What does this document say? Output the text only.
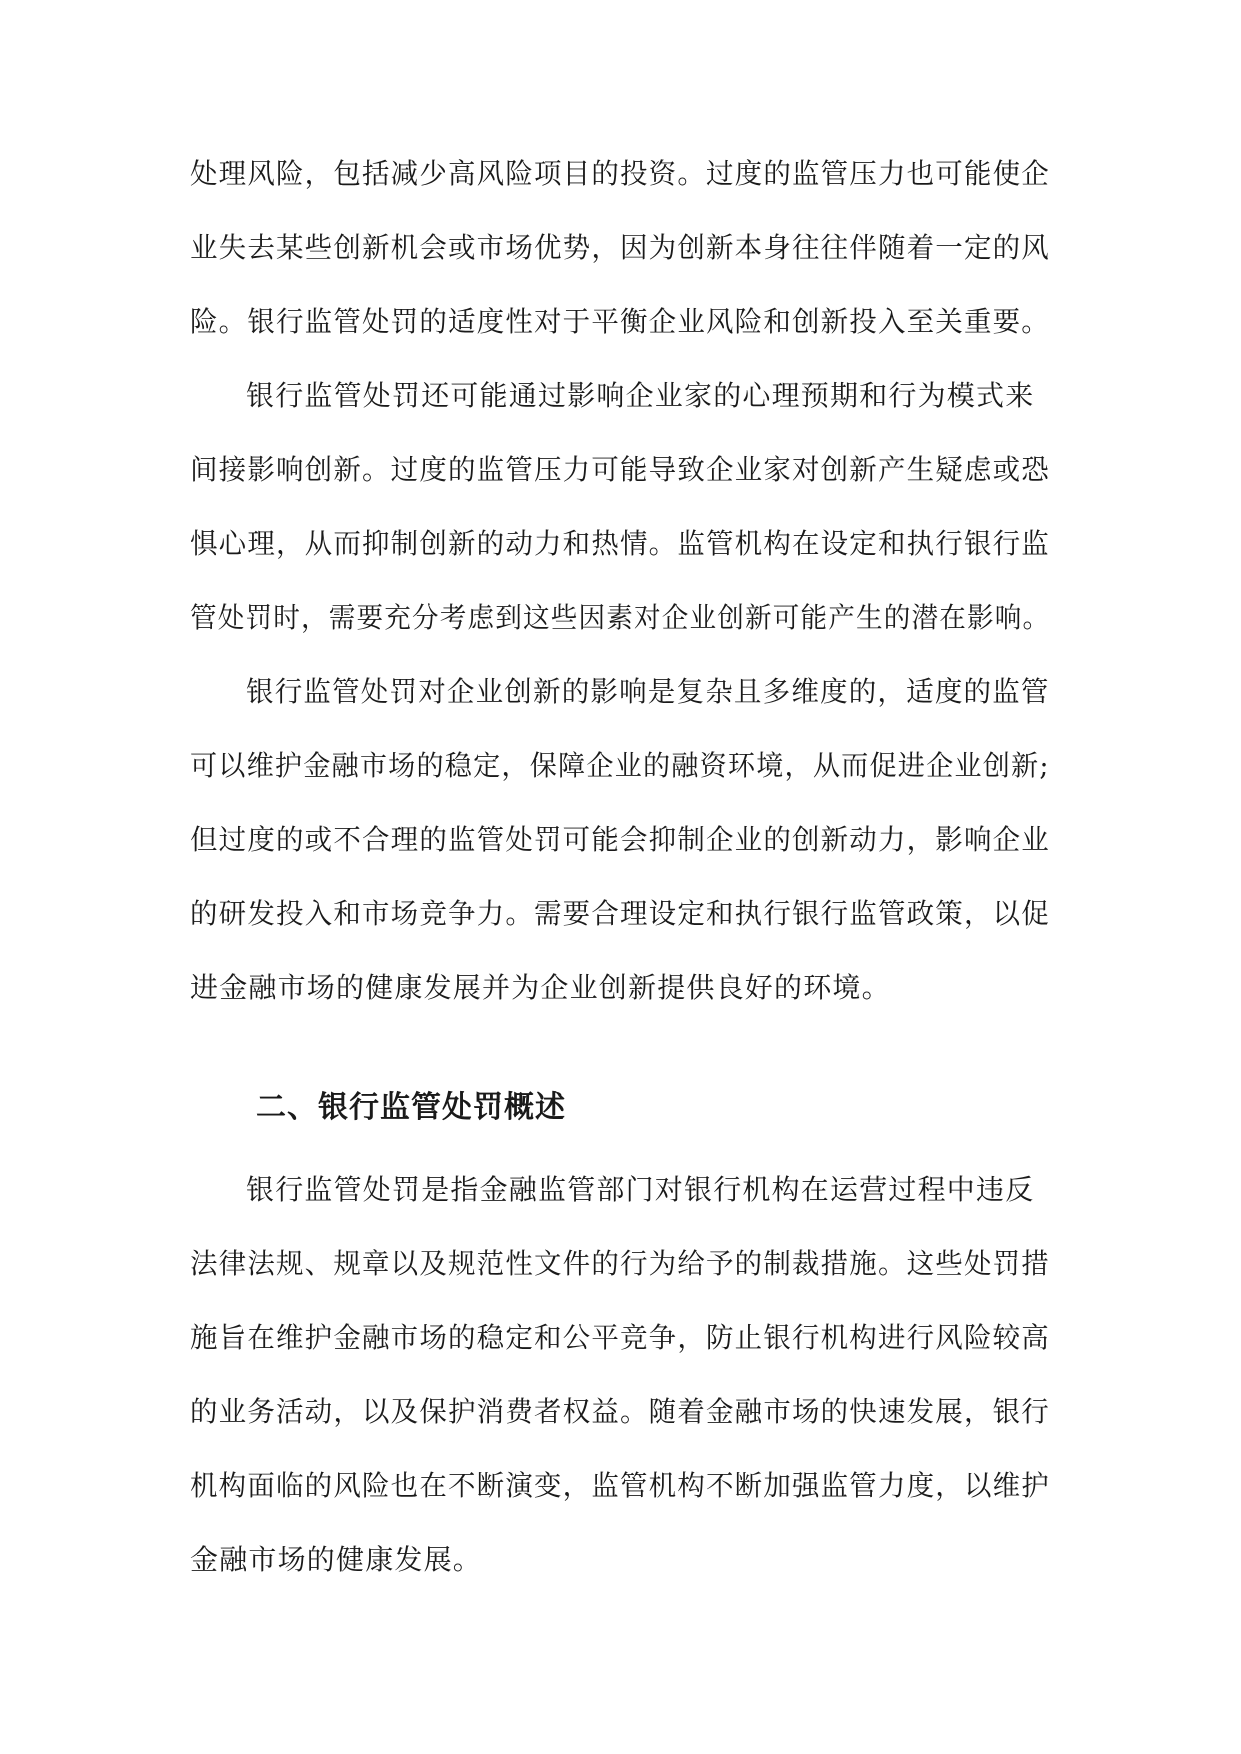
处理风险，包括减少高风险项目的投资。过度的监管压力也可能使企
业失去某些创新机会或市场优势，因为创新本身往往伴随着一定的风
险。银行监管处罚的适度性对于平衡企业风险和创新投入至关重要。
银行监管处罚还可能通过影响企业家的心理预期和行为模式来
间接影响创新。过度的监管压力可能导致企业家对创新产生疑虑或恐
惧心理，从而抑制创新的动力和热情。监管机构在设定和执行银行监
管处罚时，需要充分考虑到这些因素对企业创新可能产生的潜在影响。
银行监管处罚对企业创新的影响是复杂且多维度的，适度的监管
可以维护金融市场的稳定，保障企业的融资环境，从而促进企业创新;
但过度的或不合理的监管处罚可能会抑制企业的创新动力，影响企业
的研发投入和市场竞争力。需要合理设定和执行银行监管政策，以促
进金融市场的健康发展并为企业创新提供良好的环境。
二、银行监管处罚概述
银行监管处罚是指金融监管部门对银行机构在运营过程中违反
法律法规、规章以及规范性文件的行为给予的制裁措施。这些处罚措
施旨在维护金融市场的稳定和公平竞争，防止银行机构进行风险较高
的业务活动，以及保护消费者权益。随着金融市场的快速发展，银行
机构面临的风险也在不断演变，监管机构不断加强监管力度，以维护
金融市场的健康发展。
